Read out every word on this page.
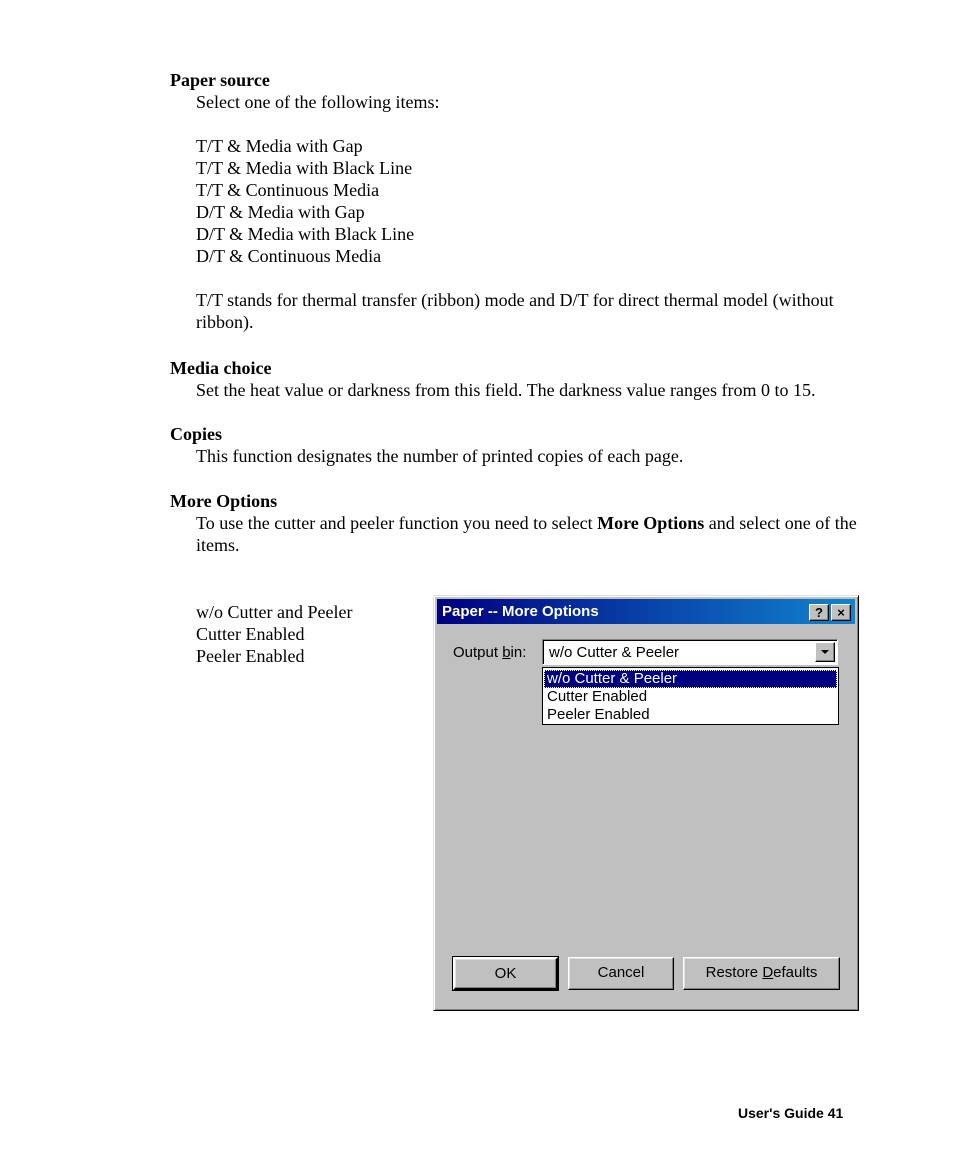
Paper source
Select one of the following items:
T/T & Media with Gap
T/T & Media with Black Line
T/T & Continuous Media
D/T & Media with Gap
D/T & Media with Black Line
D/T & Continuous Media
T/T stands for thermal transfer (ribbon) mode and D/T for direct thermal model (without ribbon).
Media choice
Set the heat value or darkness from this field. The darkness value ranges from 0 to 15.
Copies
This function designates the number of printed copies of each page.
More Options
To use the cutter and peeler function you need to select More Options and select one of the items.
w/o Cutter and Peeler
Cutter Enabled
Peeler Enabled
Paper -- More Options	?	×
Output bin: w/o Cutter & Peeler
w/o Cutter & Peeler
Cutter Enabled
Peeler Enabled
OK	Cancel	Restore Defaults
User's Guide 41
